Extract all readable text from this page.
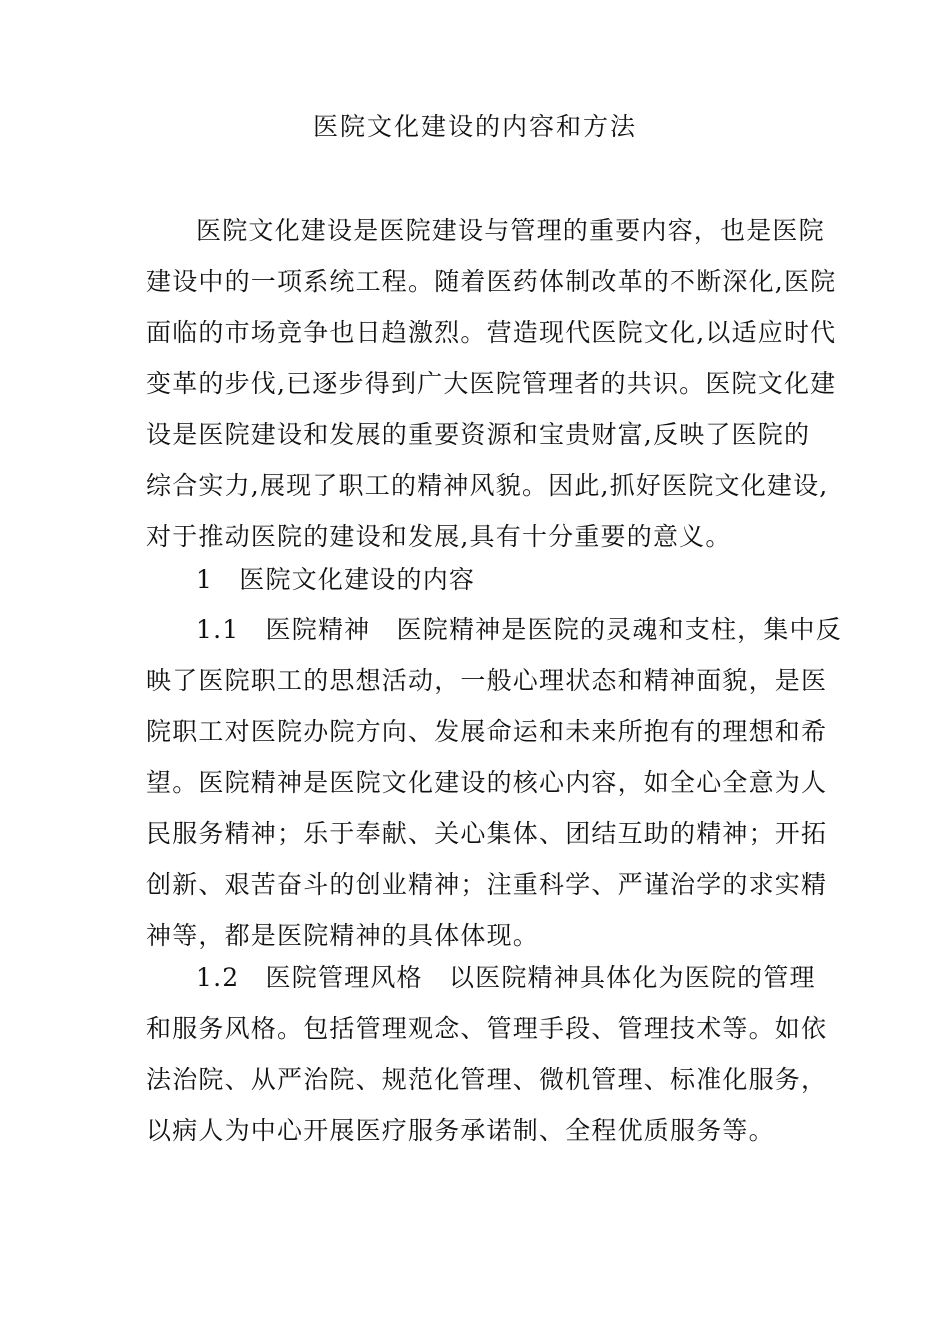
医院文化建设的内容和方法

医院文化建设是医院建设与管理的重要内容，也是医院

建设中的一项系统工程。随着医药体制改革的不断深化,医院

面临的市场竞争也日趋激烈。营造现代医院文化,以适应时代

变革的步伐,已逐步得到广大医院管理者的共识。医院文化建

设是医院建设和发展的重要资源和宝贵财富,反映了医院的

综合实力,展现了职工的精神风貌。因此,抓好医院文化建设,

对于推动医院的建设和发展,具有十分重要的意义。

1　医院文化建设的内容

1.1　医院精神　医院精神是医院的灵魂和支柱，集中反

映了医院职工的思想活动，一般心理状态和精神面貌，是医

院职工对医院办院方向、发展命运和未来所抱有的理想和希

望。医院精神是医院文化建设的核心内容，如全心全意为人

民服务精神；乐于奉献、关心集体、团结互助的精神；开拓

创新、艰苦奋斗的创业精神；注重科学、严谨治学的求实精

神等，都是医院精神的具体体现。

1.2　医院管理风格　以医院精神具体化为医院的管理

和服务风格。包括管理观念、管理手段、管理技术等。如依

法治院、从严治院、规范化管理、微机管理、标准化服务，

以病人为中心开展医疗服务承诺制、全程优质服务等。
